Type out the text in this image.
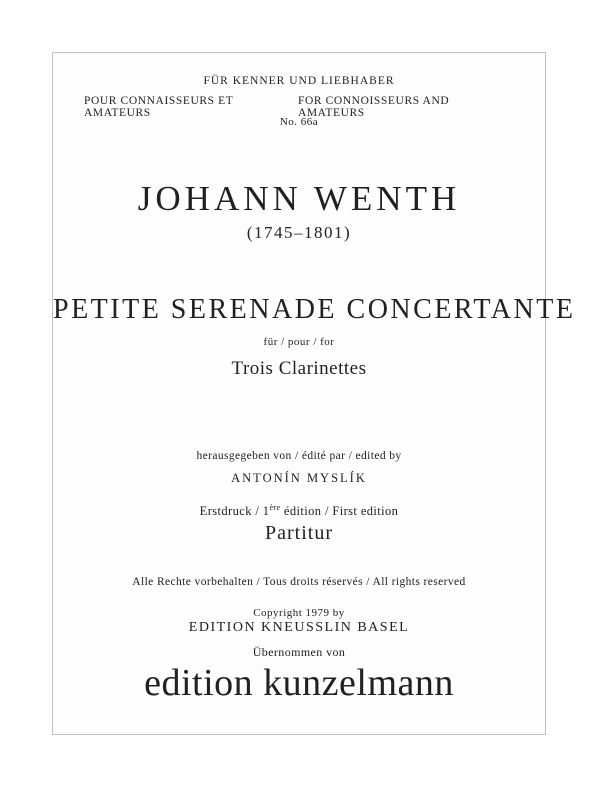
FÜR KENNER UND LIEBHABER
POUR CONNAISSEURS ET AMATEURS
FOR CONNOISSEURS AND AMATEURS
No. 66a
JOHANN WENTH
(1745–1801)
PETITE SERENADE CONCERTANTE
für / pour / for
Trois Clarinettes
herausgegeben von / édité par / edited by
ANTONÍN MYSLÍK
Erstdruck / 1ère édition / First edition
Partitur
Alle Rechte vorbehalten / Tous droits réservés / All rights reserved
Copyright 1979 by
EDITION KNEUSSLIN BASEL
Übernommen von
edition kunzelmann
